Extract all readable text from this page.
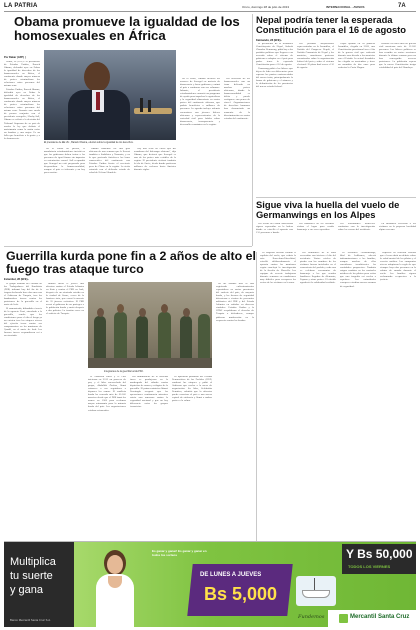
LA PATRIA	Oruro, domingo 28 de julio de 2013	INTERNACIONAL - AVISOS	7A
Obama promueve la igualdad de los homosexuales en África
Por Dakar (AFP) ❘

Dakar, 28 (EFE).- El presidente de Estados Unidos, Barack Obama, defendió ayer en Dakar la igualdad de derechos de los homosexuales en África, el continente donde mayor número de países criminalizan las relaciones entre personas del mismo sexo.

Estados Unidos, Barack Obama, defendió ayer en Dakar la igualdad de derechos de los homosexuales en África, el continente donde mayor número de países criminalizan las relaciones entre personas del mismo sexo. Durante una rueda de prensa conjunta con el presidente senegalés, Macky Sall, Obama se refirió a la decisión del Tribunal Supremo de su país de anular la ley que definía el matrimonio como la unión entre un hombre y una mujer. Es un fallo que beneficia a la gente y a la democracia.

El presidente de EE.UU., Barack Obama, efectuó sobre la igualdad de los derechos.

En la rueda de prensa, el mandatario estadounidense insistió en que los gobiernos deben tratar a las personas de igual forma sin importar su orientación sexual. Sall respondió que Senegal no está preparado para despenalizar la homosexualidad, aunque el país es tolerante y no hay persecución.

Obama comenzó así una gira africana de una semana que le llevará también a Sudáfrica y Tanzania, y en la que pretende fortalecer los lazos comerciales del continente con Estados Unidos frente al creciente peso de China en la región. La visita coincide con el delicado estado de salud de Nelson Mandela.

"Hay una serie de cosas que me asombran del liderazgo africano", dijo Obama, que destacó que Senegal es uno de los países más estables de la región. El presidente visitará también la isla de Gorée, desde donde partieron millones de esclavos hacia América durante siglos.

En la visita, Obama destacó los avances de Senegal en materia de democracia y buen gobierno y animó al país a continuar con sus reformas. Además, el presidente estadounidense anunció un programa de ayuda para impulsar la agricultura y la seguridad alimentaria en varios países del continente africano, que podría beneficiar a millones de personas. La agenda incluye además encuentros con jóvenes líderes africanos y representantes de la sociedad civil para hablar sobre democracia, transparencia y desarrollo económico en la región.

Los derechos de los homosexuales son un tema delicado en muchos países africanos, donde la homosexualidad es delito y puede castigarse con penas de cárcel. Organizaciones de derechos humanos han denunciado un aumento de la discriminación en varios estados del continente.

Nepal podría tener la esperada Constitución para el 16 de agosto
Katmandú, 28 (EFE).-

El presidente de la Asamblea Constituyente de Nepal, Subash Chandra Nemwang, pidió hoy a los partidos políticos que lleguen a un acuerdo sobre el sistema de gobierno a adoptar en el país para poder tener la esperada Constitución para el 16 de agosto.

Nemwang pidió a los líderes que dejen de lado sus diferencias para superar los puntos controvertidos del nuevo texto, principalmente la forma de gobierno y el número y la delimitación de las provincias del nuevo estado federal.

Los partidos mayoritarios representados en la Asamblea, el Partido del Congreso Nepalí, el Partido Comunista de Nepal y los maoístas, mantienen posturas encontradas sobre la organización federal del país y sobre el sistema electoral. El plazo final vence el 16 de agosto.

Nepal aprobó en su primera Asamblea, elegida en 2008, una Constitución provisional tras el fin de la guerra civil que enfrentó durante una década a los maoístas con el Estado. La actual Asamblea fue elegida en noviembre y tiene un mandato de dos años para redactar la Carta Magna.

Durante los diez años de guerra civil murieron más de 13.000 personas. Los líderes políticos se han reunido en varias ocasiones durante la última semana pero no han conseguido acercar posiciones. La población espera que la nueva Constitución traiga estabilidad al país del Himalaya.

Sigue viva la huella del vuelo de Germanwings en los Alpes

Los restos del avión siniestrado siguen esparcidos en la ladera donde se estrelló el aparato con 150 personas a bordo.

Los familiares de las víctimas visitan el lugar para rendir homenaje a sus seres queridos.

Las autoridades francesas continúan con la investigación sobre las causas del accidente.

Un memorial recuerda a las víctimas en la pequeña localidad alpina cercana.

Guerrilla kurda pone fin a 2 años de alto el fuego tras ataque turco
Estambul, 28 (EFE).-

El grupo armado del Partido de los Trabajadores del Kurdistán (PKK) informó hoy del fin de la tregua declarada hace dos años con el Gobierno de Turquía, tras los bombardeos turcos contra las posiciones de la guerrilla en el norte de Irak.

El comunicado, difundido a través de la agencia Firat, vinculada a la guerrilla, señala que las condiciones para el alto el fuego ya no existen tras los ataques aéreos del ejército turco contra sus campamentos en las montañas de Qandil, en el norte de Irak. Las fuerzas turcas respondieron así a un atentado.

Ankara inició el jueves una ofensiva contra el Estado Islámico en Siria y contra el PKK en Irak, después de un atentado suicida en la ciudad de Suruc, cerca de la frontera siria, que causó la muerte de 32 jóvenes activistas. El PKK acusó al gobierno de no proteger a la población kurda y mató después a dos policías. La tensión crece en el sudeste de Turquía.

Integrantes de la guerrilla kurda PKK.

El Gobierno turco y el PKK iniciaron en 2013 un proceso de paz, y el líder encarcelado del grupo, Abdullah Öcalan, llamó entonces a sus seguidores a deponer las armas. El conflicto kurdo ha causado más de 40.000 muertos desde que el PKK tomó las armas en 1984 para reclamar mayor autonomía para la minoría kurda del país. Las negociaciones estaban estancadas.

Los bombardeos de la aviación turca se produjeron en la madrugada del sábado contra depósitos de armas y refugios de la guerrilla. El primer ministro Ahmet Davutoglu aseguró que las operaciones continuarán mientras exista una amenaza contra la seguridad nacional y que no hay diferencia entre los grupos terroristas.

La oposición prokurda del Partido Democrático de los Pueblos (HDP) condenó los ataques y pidió al Gobierno que vuelva a la mesa de negociación. Su líder, Selahattin Demirtas, advirtió que la ofensiva puede arrastrar al país a una nueva espiral de violencia y llamó a ambas partes a la calma.

En los últimos días se han registrado enfrentamientos esporádicos en varias provincias del sudeste del país, de mayoría kurda, y las fuerzas de seguridad detuvieron a cientos de presuntos militantes del PKK y del Estado Islámico en redadas en diversas ciudades. Estados Unidos y la OTAN respaldaron el derecho de Turquía a defenderse, aunque pidieron moderación en la respuesta contra los kurdos.

La tragedia ocurrió cuando el copiloto del vuelo, que cubría la ruta Barcelona-Düsseldorf, estrelló deliberadamente el aparato contra las montañas según concluyó la investigación de la fiscalía de Marsella. Los equipos de rescate trabajaron durante semanas en condiciones muy difíciles para recuperar los restos de las víctimas en la zona.

Los habitantes de la zona recuerdan con tristeza el día del accidente. Varias estelas de piedra con los nombres de las víctimas fueron instaladas en el cementerio del pueblo y cada año se celebran ceremonias de homenaje a las que acuden familiares llegados de Alemania, España y otros países. El alcalde agradeció la solidaridad recibida.

La aerolínea Germanwings, filial de Lufthansa, ofreció indemnizaciones a las familias, aunque muchas de ellas consideran insuficientes las cantidades propuestas. También exigen cambios en los controles médicos de los pilotos para evitar que una tragedia así vuelva a repetirse. Las autoridades europeas estudian nuevas normas de seguridad.

Expertos en aviación señalan que el caso abrió un debate sobre la salud mental de los pilotos y el secreto médico. Las compañías aéreas adoptaron la regla de que siempre haya dos personas en la cabina de mando durante el vuelo. Las familias siguen reclamando respuestas a la justicia.

Multiplica
tu suerte
y gana
Banco Mercantil Santa Cruz S.A.
Es ganar y ganar! Es ganar y ganar en todos los sorteos
DE LUNES A JUEVES
Bs 5,000
Y Bs 50,000
TODOS LOS VIERNES
Mercantil Santa Cruz
Fundemos
